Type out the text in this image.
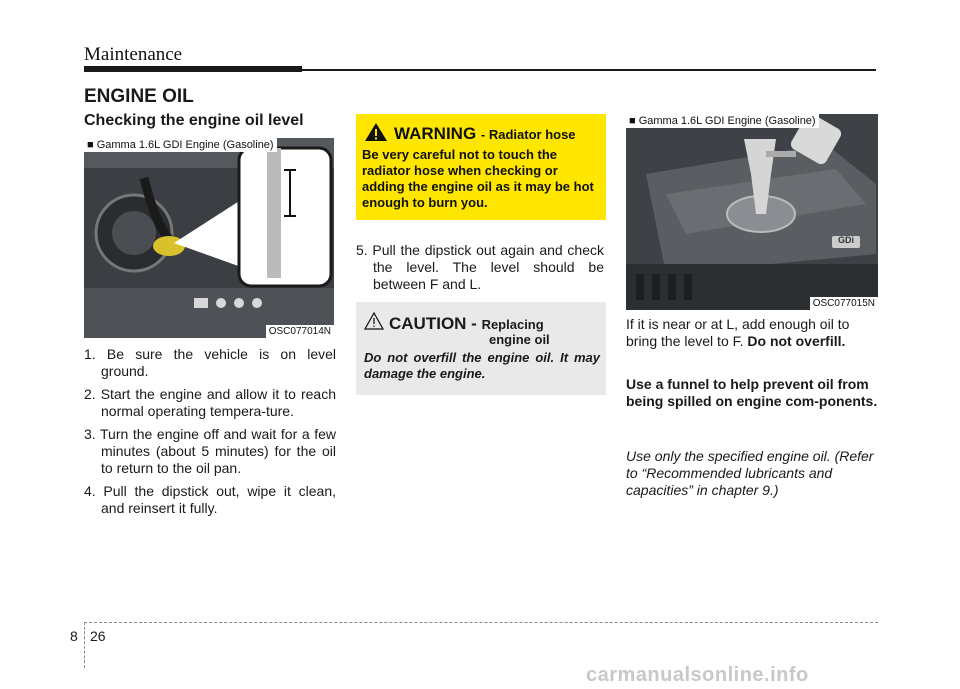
Maintenance
ENGINE OIL
Checking the engine oil level
■ Gamma 1.6L GDI Engine (Gasoline)
OSC077014N
1. Be sure the vehicle is on level ground.
2. Start the engine and allow it to reach normal operating tempera-ture.
3. Turn the engine off and wait for a few minutes (about 5 minutes) for the oil to return to the oil pan.
4. Pull the dipstick out, wipe it clean, and reinsert it fully.
WARNING - Radiator hose
Be very careful not to touch the radiator hose when checking or adding the engine oil as it may be hot enough to burn you.
5. Pull the dipstick out again and check the level. The level should be between F and L.
CAUTION - Replacing
engine oil
Do not overfill the engine oil. It may damage the engine.
■ Gamma 1.6L GDI Engine (Gasoline)
GDi
OSC077015N
If it is near or at L, add enough oil to bring the level to F. Do not overfill.
Use a funnel to help prevent oil from being spilled on engine com-ponents.
Use only the specified engine oil. (Refer to “Recommended lubricants and capacities” in chapter 9.)
8 26
carmanualsonline.info
